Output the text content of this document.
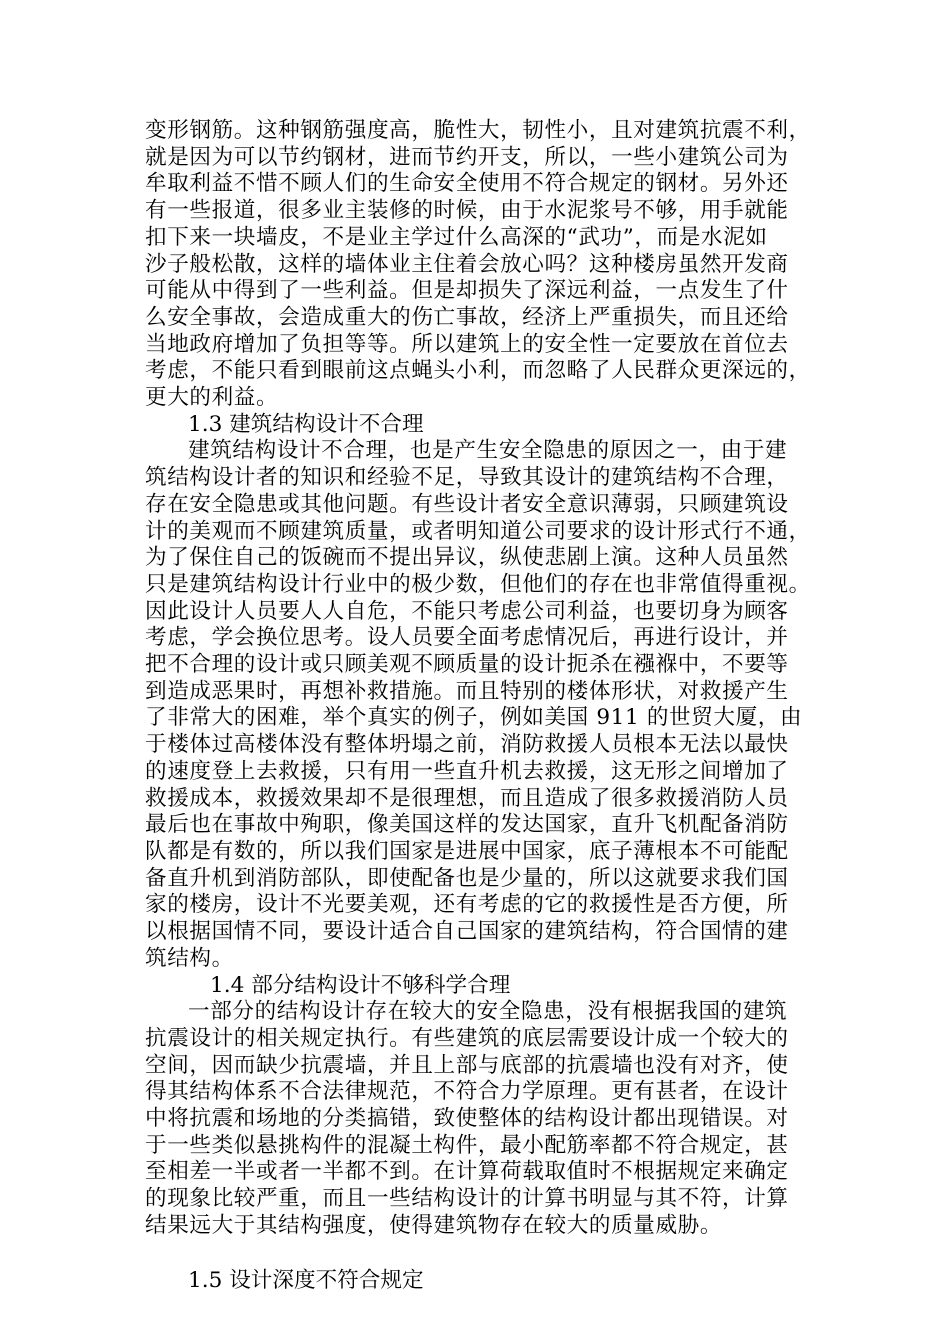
变形钢筋。这种钢筋强度高，脆性大，韧性小，且对建筑抗震不利，
就是因为可以节约钢材，进而节约开支，所以，一些小建筑公司为
牟取利益不惜不顾人们的生命安全使用不符合规定的钢材。另外还
有一些报道，很多业主装修的时候，由于水泥浆号不够，用手就能
扣下来一块墙皮，不是业主学过什么高深的“武功”，而是水泥如
沙子般松散，这样的墙体业主住着会放心吗？这种楼房虽然开发商
可能从中得到了一些利益。但是却损失了深远利益，一点发生了什
么安全事故，会造成重大的伤亡事故，经济上严重损失，而且还给
当地政府增加了负担等等。所以建筑上的安全性一定要放在首位去
考虑，不能只看到眼前这点蝇头小利，而忽略了人民群众更深远的，
更大的利益。
1.3 建筑结构设计不合理
建筑结构设计不合理，也是产生安全隐患的原因之一，由于建
筑结构设计者的知识和经验不足，导致其设计的建筑结构不合理，
存在安全隐患或其他问题。有些设计者安全意识薄弱，只顾建筑设
计的美观而不顾建筑质量，或者明知道公司要求的设计形式行不通，
为了保住自己的饭碗而不提出异议，纵使悲剧上演。这种人员虽然
只是建筑结构设计行业中的极少数，但他们的存在也非常值得重视。
因此设计人员要人人自危，不能只考虑公司利益，也要切身为顾客
考虑，学会换位思考。设人员要全面考虑情况后，再进行设计，并
把不合理的设计或只顾美观不顾质量的设计扼杀在襁褓中，不要等
到造成恶果时，再想补救措施。而且特别的楼体形状，对救援产生
了非常大的困难，举个真实的例子，例如美国 911 的世贸大厦，由
于楼体过高楼体没有整体坍塌之前，消防救援人员根本无法以最快
的速度登上去救援，只有用一些直升机去救援，这无形之间增加了
救援成本，救援效果却不是很理想，而且造成了很多救援消防人员
最后也在事故中殉职，像美国这样的发达国家，直升飞机配备消防
队都是有数的，所以我们国家是进展中国家，底子薄根本不可能配
备直升机到消防部队，即使配备也是少量的，所以这就要求我们国
家的楼房，设计不光要美观，还有考虑的它的救援性是否方便，所
以根据国情不同，要设计适合自己国家的建筑结构，符合国情的建
筑结构。
1.4 部分结构设计不够科学合理
一部分的结构设计存在较大的安全隐患，没有根据我国的建筑
抗震设计的相关规定执行。有些建筑的底层需要设计成一个较大的
空间，因而缺少抗震墙，并且上部与底部的抗震墙也没有对齐，使
得其结构体系不合法律规范，不符合力学原理。更有甚者，在设计
中将抗震和场地的分类搞错，致使整体的结构设计都出现错误。对
于一些类似悬挑构件的混凝土构件，最小配筋率都不符合规定，甚
至相差一半或者一半都不到。在计算荷载取值时不根据规定来确定
的现象比较严重，而且一些结构设计的计算书明显与其不符，计算
结果远大于其结构强度，使得建筑物存在较大的质量威胁。
1.5 设计深度不符合规定
